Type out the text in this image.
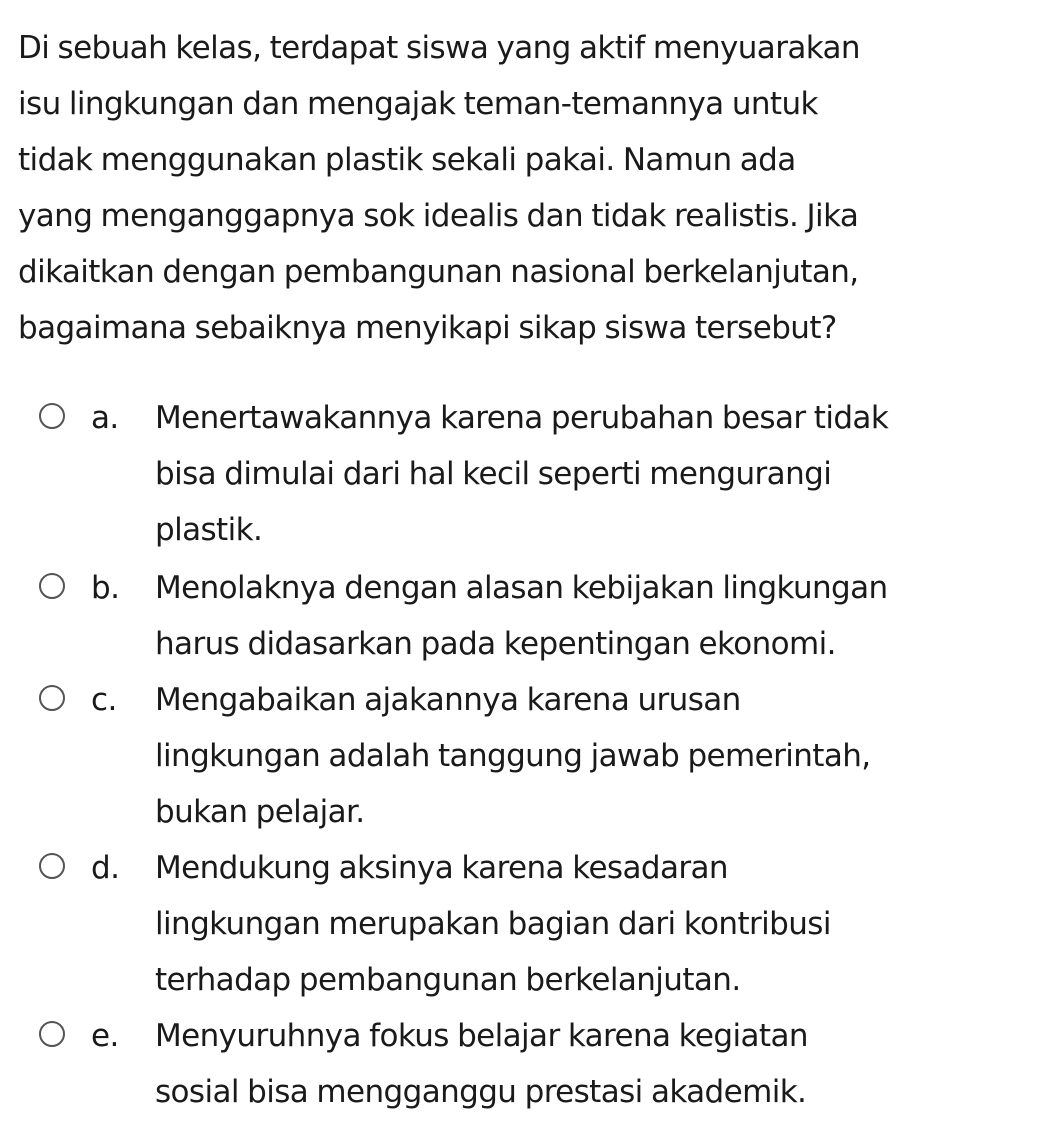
Di sebuah kelas, terdapat siswa yang aktif menyuarakan
isu lingkungan dan mengajak teman-temannya untuk
tidak menggunakan plastik sekali pakai. Namun ada
yang menganggapnya sok idealis dan tidak realistis. Jika
dikaitkan dengan pembangunan nasional berkelanjutan,
bagaimana sebaiknya menyikapi sikap siswa tersebut?

a. Menertawakannya karena perubahan besar tidak
bisa dimulai dari hal kecil seperti mengurangi
plastik.
b. Menolaknya dengan alasan kebijakan lingkungan
harus didasarkan pada kepentingan ekonomi.
c. Mengabaikan ajakannya karena urusan
lingkungan adalah tanggung jawab pemerintah,
bukan pelajar.
d. Mendukung aksinya karena kesadaran
lingkungan merupakan bagian dari kontribusi
terhadap pembangunan berkelanjutan.
e. Menyuruhnya fokus belajar karena kegiatan
sosial bisa mengganggu prestasi akademik.
